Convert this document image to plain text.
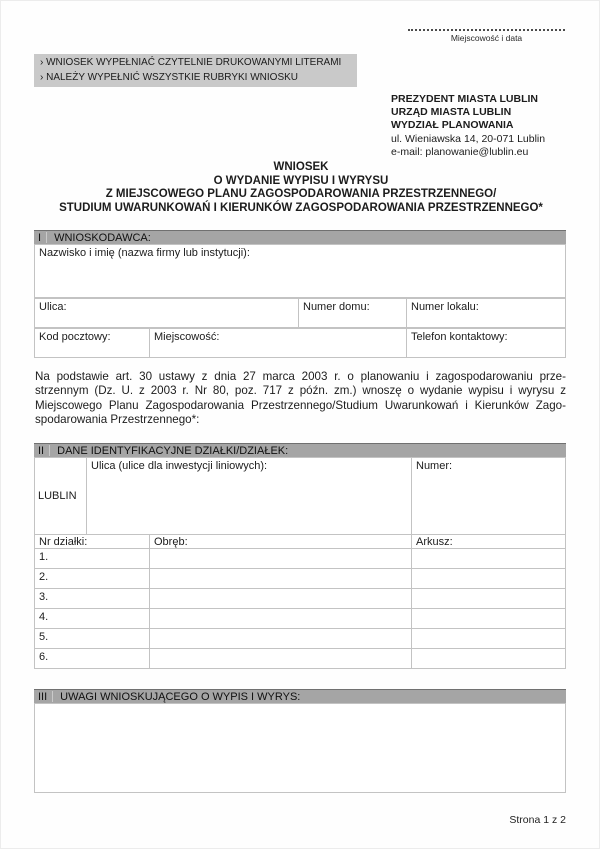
Miejscowość i data
› WNIOSEK WYPEŁNIAĆ CZYTELNIE DRUKOWANYMI LITERAMI
› NALEŻY WYPEŁNIĆ WSZYSTKIE RUBRYKI WNIOSKU
PREZYDENT MIASTA LUBLIN
URZĄD MIASTA LUBLIN
WYDZIAŁ PLANOWANIA
ul. Wieniawska 14, 20-071 Lublin
e-mail: planowanie@lublin.eu
WNIOSEK
O WYDANIE WYPISU I WYRYSU
Z MIEJSCOWEGO PLANU ZAGOSPODAROWANIA PRZESTRZENNEGO/
STUDIUM UWARUNKOWAŃ I KIERUNKÓW ZAGOSPODAROWANIA PRZESTRZENNEGO*
I	WNIOSKODAWCA:
Nazwisko i imię (nazwa firmy lub instytucji):
Ulica:	Numer domu:	Numer lokalu:
Kod pocztowy:	Miejscowość:	Telefon kontaktowy:
Na podstawie art. 30 ustawy z dnia 27 marca 2003 r. o planowaniu i zagospodarowaniu prze-
strzennym (Dz. U. z 2003 r. Nr 80, poz. 717 z późn. zm.) wnoszę o wydanie wypisu i wyrysu z
Miejscowego Planu Zagospodarowania Przestrzennego/Studium Uwarunkowań i Kierunków Zago-
spodarowania Przestrzennego*:
II	DANE IDENTYFIKACYJNE DZIAŁKI/DZIAŁEK:
LUBLIN
Ulica (ulice dla inwestycji liniowych):	Numer:
Nr działki:	Obręb:	Arkusz:
1.
2.
3.
4.
5.
6.
III	UWAGI WNIOSKUJĄCEGO O WYPIS I WYRYS:
Strona 1 z 2
